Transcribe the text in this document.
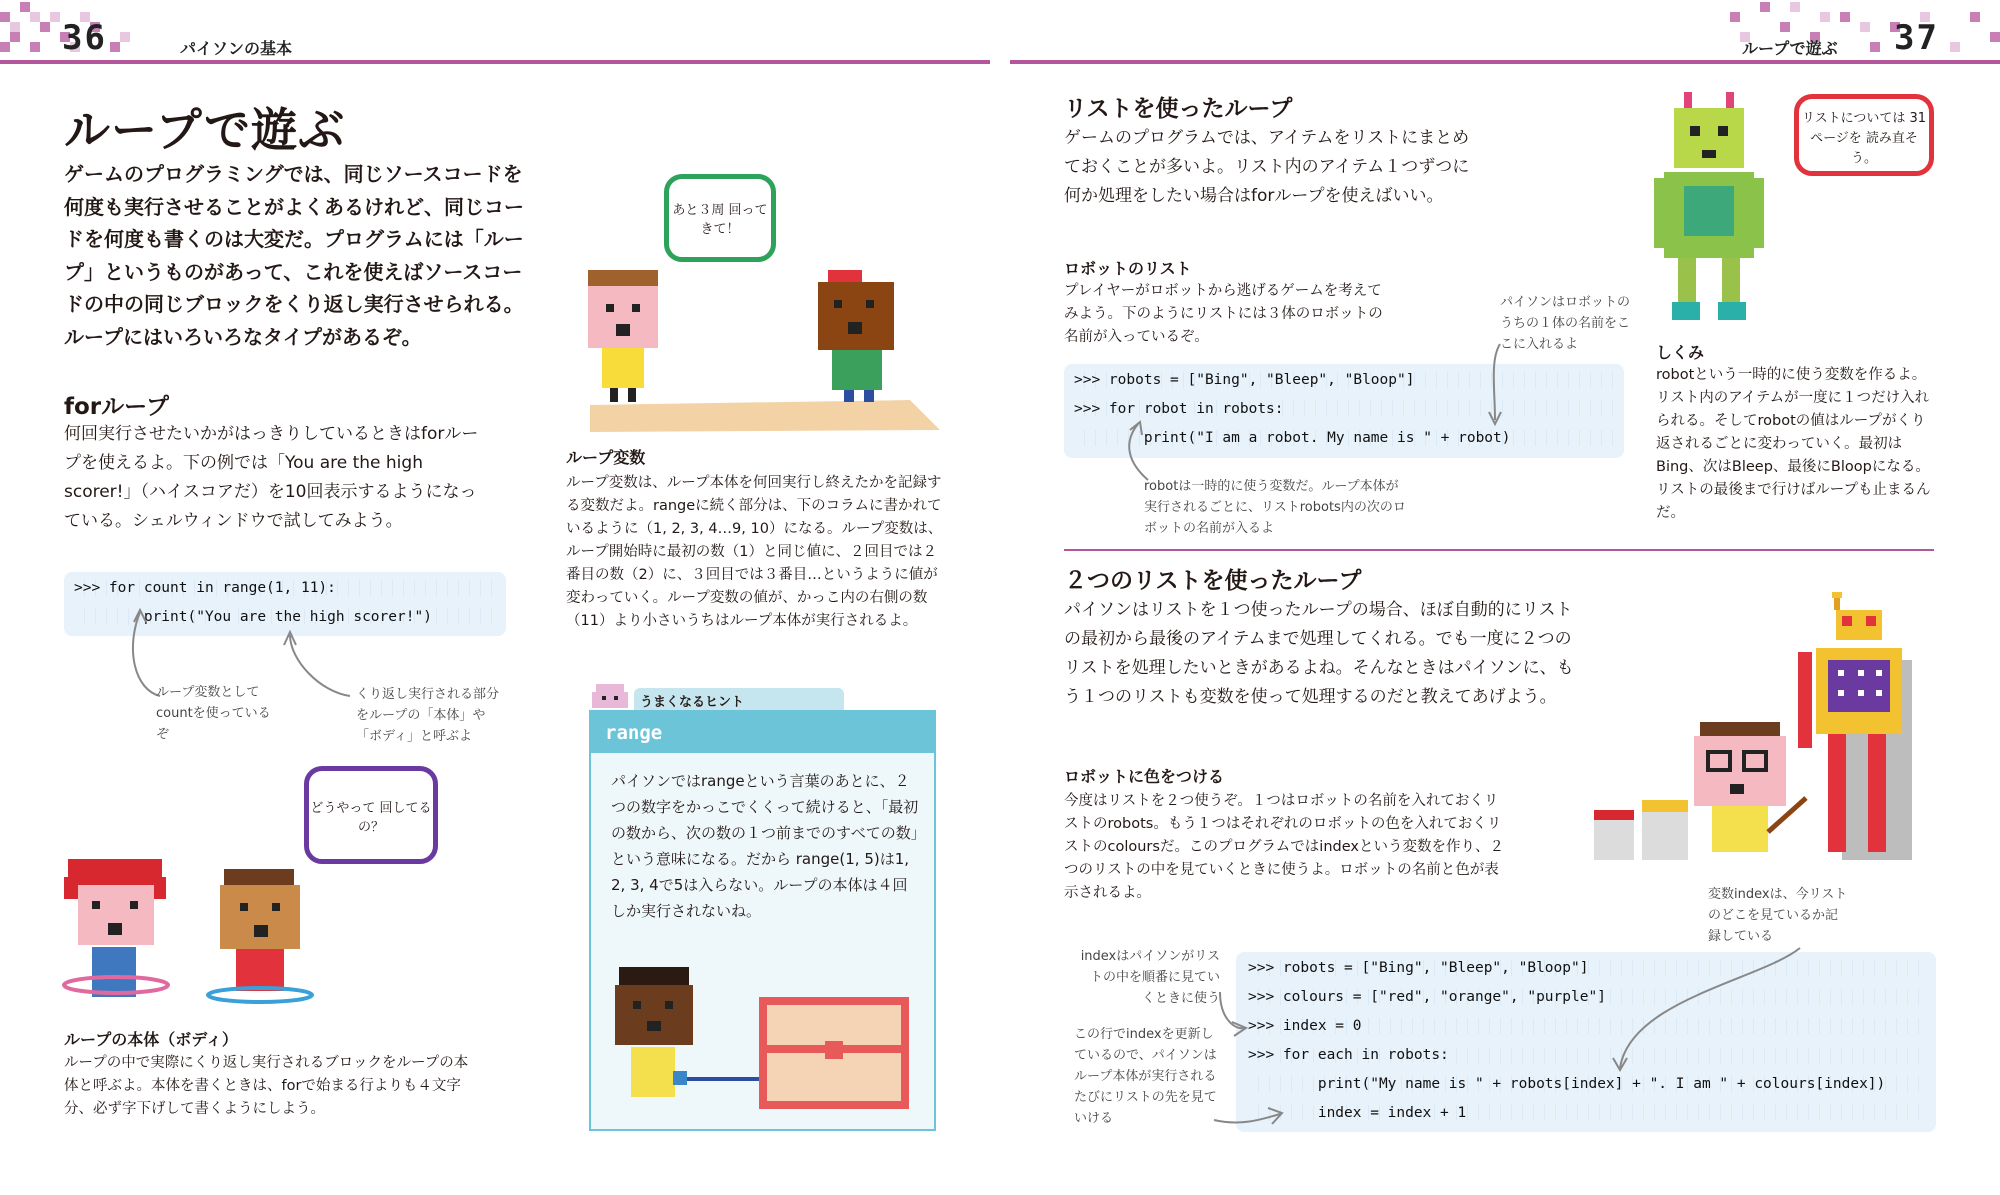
36	パイソンの基本	ループで遊ぶ 37
ループで遊ぶ
ゲームのプログラミングでは、同じソースコードを何度も実行させることがよくあるけれど、同じコードを何度も書くのは大変だ。プログラムには「ループ」というものがあって、これを使えばソースコードの中の同じブロックをくり返し実行させられる。ループにはいろいろなタイプがあるぞ。
forループ
何回実行させたいかがはっきりしているときはforループを使えるよ。下の例では「You are the high scorer!」（ハイスコアだ）を10回表示するようになっている。シェルウィンドウで試してみよう。
>>> for count in range(1, 11):
print("You are the high scorer!")
ループ変数として countを使っているぞ
くり返し実行される部分をループの「本体」や「ボディ」と呼ぶよ
あと３周 回ってきて！
ループ変数
ループ変数は、ループ本体を何回実行し終えたかを記録する変数だよ。rangeに続く部分は、下のコラムに書かれているように（1, 2, 3, 4…9, 10）になる。ループ変数は、ループ開始時に最初の数（1）と同じ値に、２回目では２番目の数（2）に、３回目では３番目…というように値が変わっていく。ループ変数の値が、かっこ内の右側の数（11）より小さいうちはループ本体が実行されるよ。
うまくなるヒント
range
パイソンではrangeという言葉のあとに、２つの数字をかっこでくくって続けると、「最初の数から、次の数の１つ前までのすべての数」という意味になる。だから range(1, 5)は1, 2, 3, 4で5は入らない。ループの本体は４回しか実行されないね。
どうやって 回してるの？
ループの本体（ボディ）
ループの中で実際にくり返し実行されるブロックをループの本体と呼ぶよ。本体を書くときは、forで始まる行よりも４文字分、必ず字下げして書くようにしよう。
リストを使ったループ
ゲームのプログラムでは、アイテムをリストにまとめておくことが多いよ。リスト内のアイテム１つずつに何か処理をしたい場合はforループを使えばいい。
ロボットのリスト
プレイヤーがロボットから逃げるゲームを考えてみよう。下のようにリストには３体のロボットの名前が入っているぞ。
パイソンはロボットのうちの１体の名前をここに入れるよ
>>> robots = ["Bing", "Bleep", "Bloop"]
>>> for robot in robots:
print("I am a robot. My name is " + robot)
robotは一時的に使う変数だ。ループ本体が実行されるごとに、リストrobots内の次のロボットの名前が入るよ
リストについては 31ページを 読み直そう。
しくみ
robotという一時的に使う変数を作るよ。リスト内のアイテムが一度に１つだけ入れられる。そしてrobotの値はループがくり返されるごとに変わっていく。最初はBing、次はBleep、最後にBloopになる。リストの最後まで行けばループも止まるんだ。
２つのリストを使ったループ
パイソンはリストを１つ使ったループの場合、ほぼ自動的にリストの最初から最後のアイテムまで処理してくれる。でも一度に２つのリストを処理したいときがあるよね。そんなときはパイソンに、もう１つのリストも変数を使って処理するのだと教えてあげよう。
ロボットに色をつける
今度はリストを２つ使うぞ。１つはロボットの名前を入れておくリストのrobots。もう１つはそれぞれのロボットの色を入れておくリストのcoloursだ。このプログラムではindexという変数を作り、２つのリストの中を見ていくときに使うよ。ロボットの名前と色が表示されるよ。	変数indexは、今リストのどこを見ているか記録している
indexはパイソンがリストの中を順番に見ていくときに使う
この行でindexを更新しているので、パイソンはループ本体が実行されるたびにリストの先を見ていける
>>> robots = ["Bing", "Bleep", "Bloop"]
>>> colours = ["red", "orange", "purple"]
>>> index = 0
>>> for each in robots:
print("My name is " + robots[index] + ". I am " + colours[index])
index = index + 1
